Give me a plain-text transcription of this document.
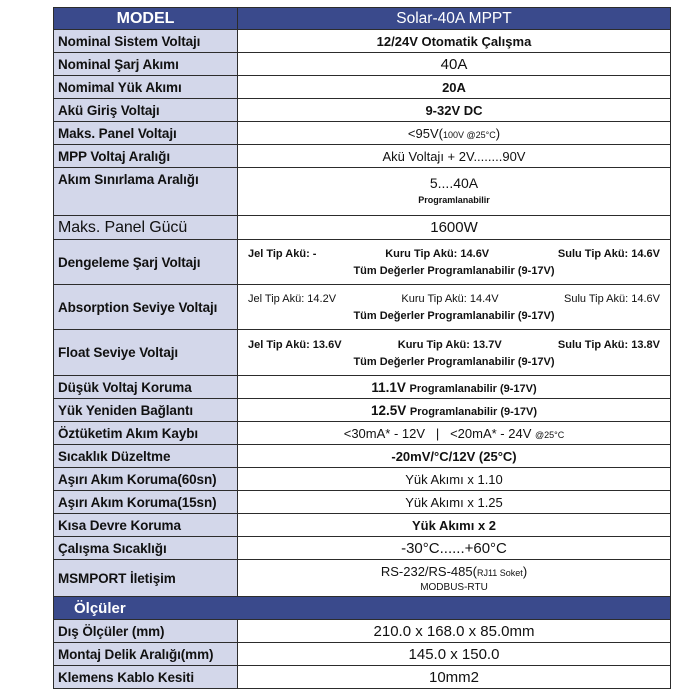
MODEL	Solar-40A MPPT
Nominal Sistem Voltajı	12/24V Otomatik Çalışma
Nominal Şarj Akımı	40A
Nomimal Yük Akımı	20A
Akü Giriş Voltajı	9-32V DC
Maks. Panel Voltajı	<95V(100V @25°C)
MPP Voltaj Aralığı	Akü Voltajı + 2V........90V
Akım Sınırlama Aralığı	5....40A
Programlanabilir

Maks. Panel Gücü	1600W
Dengeleme Şarj Voltajı	Jel Tip Akü: - Kuru Tip Akü: 14.6V Sulu Tip Akü: 14.6V
Tüm Değerler Programlanabilir (9-17V)

Absorption Seviye Voltajı	Jel Tip Akü: 14.2V Kuru Tip Akü: 14.4V Sulu Tip Akü: 14.6V
Tüm Değerler Programlanabilir (9-17V)

Float Seviye Voltajı	Jel Tip Akü: 13.6V Kuru Tip Akü: 13.7V Sulu Tip Akü: 13.8V
Tüm Değerler Programlanabilir (9-17V)

Düşük Voltaj Koruma	11.1V Programlanabilir (9-17V)
Yük Yeniden Bağlantı	12.5V Programlanabilir (9-17V)
Öztüketim Akım Kaybı	<30mA* - 12V   |   <20mA* - 24V @25°C
Sıcaklık Düzeltme	-20mV/°C/12V (25°C)
Aşırı Akım Koruma(60sn)	Yük Akımı x 1.10
Aşırı Akım Koruma(15sn)	Yük Akımı x 1.25
Kısa Devre Koruma	Yük Akımı x 2
Çalışma Sıcaklığı	-30°C......+60°C
MSMPORT İletişim	RS-232/RS-485(RJ11 Soket)
MODBUS-RTU

Ölçüler	
Dış Ölçüler (mm)	210.0 x 168.0 x 85.0mm
Montaj Delik Aralığı(mm)	145.0 x 150.0
Klemens Kablo Kesiti	10mm2
